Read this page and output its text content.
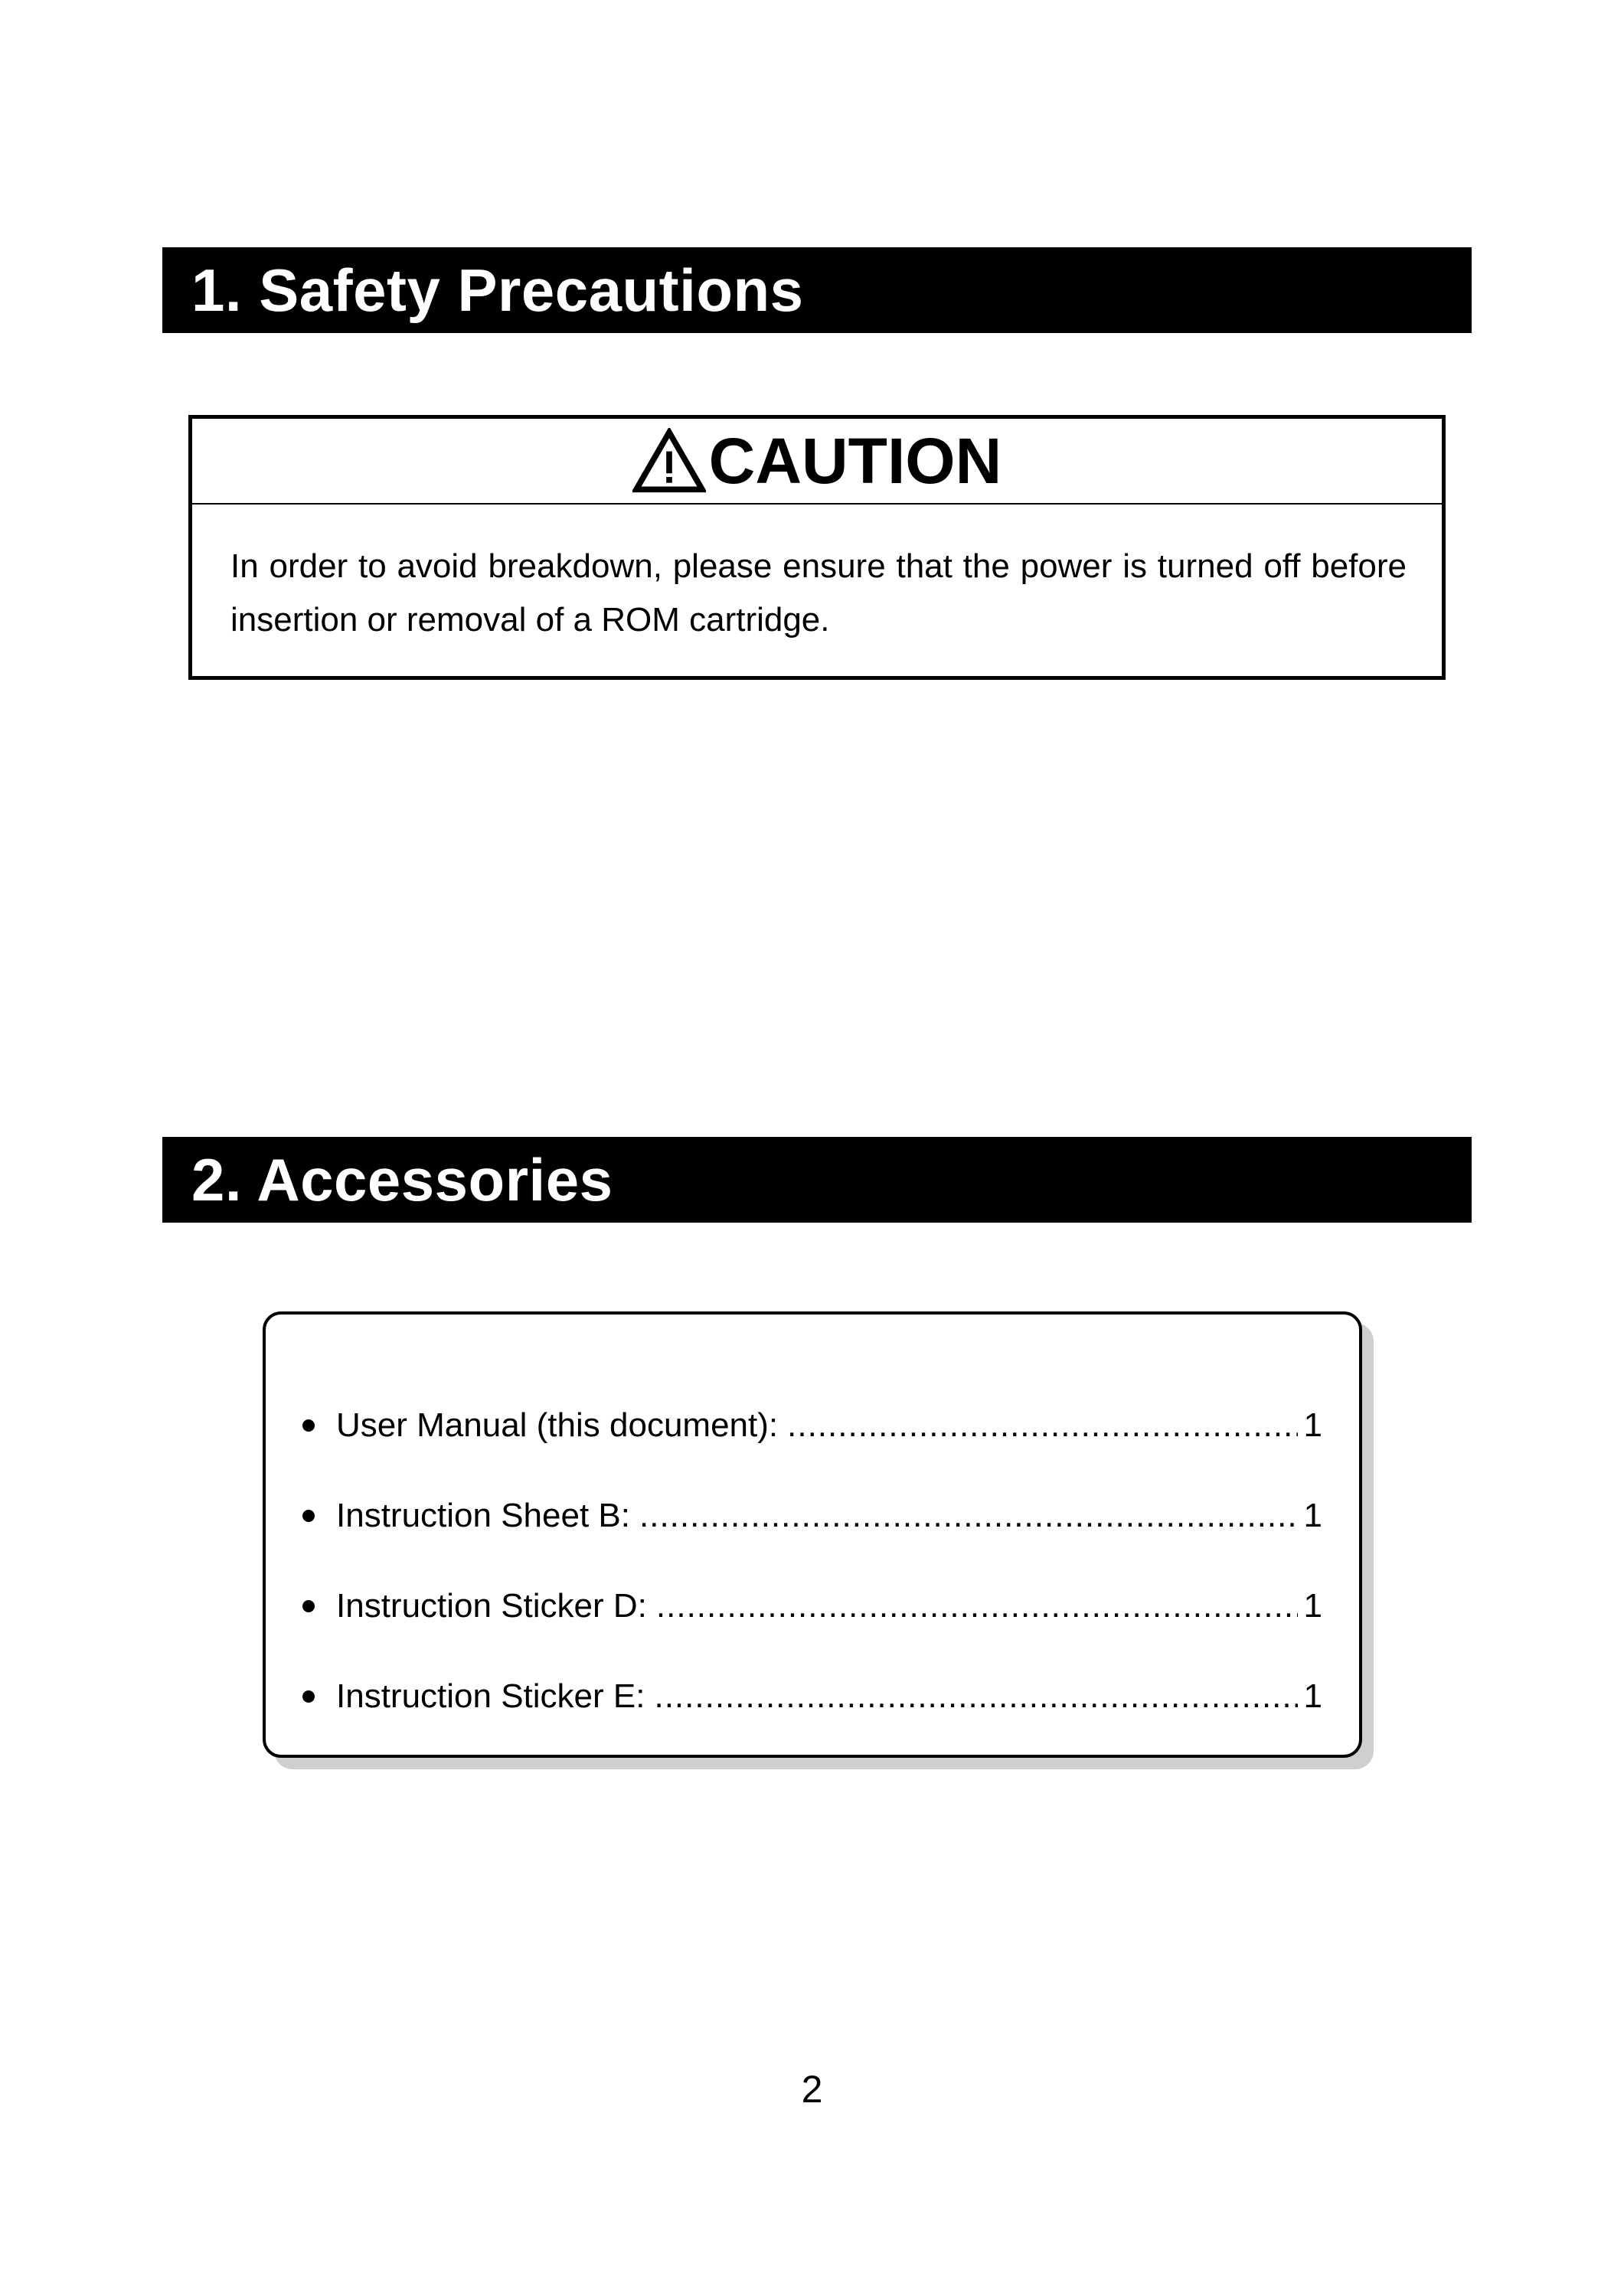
1. Safety Precautions
CAUTION
In order to avoid breakdown, please ensure that the power is turned off before insertion or removal of a ROM cartridge.
2. Accessories
User Manual (this document): .....	1
Instruction Sheet B: .....	1
Instruction Sticker D: .....	1
Instruction Sticker E: .....	1
2
